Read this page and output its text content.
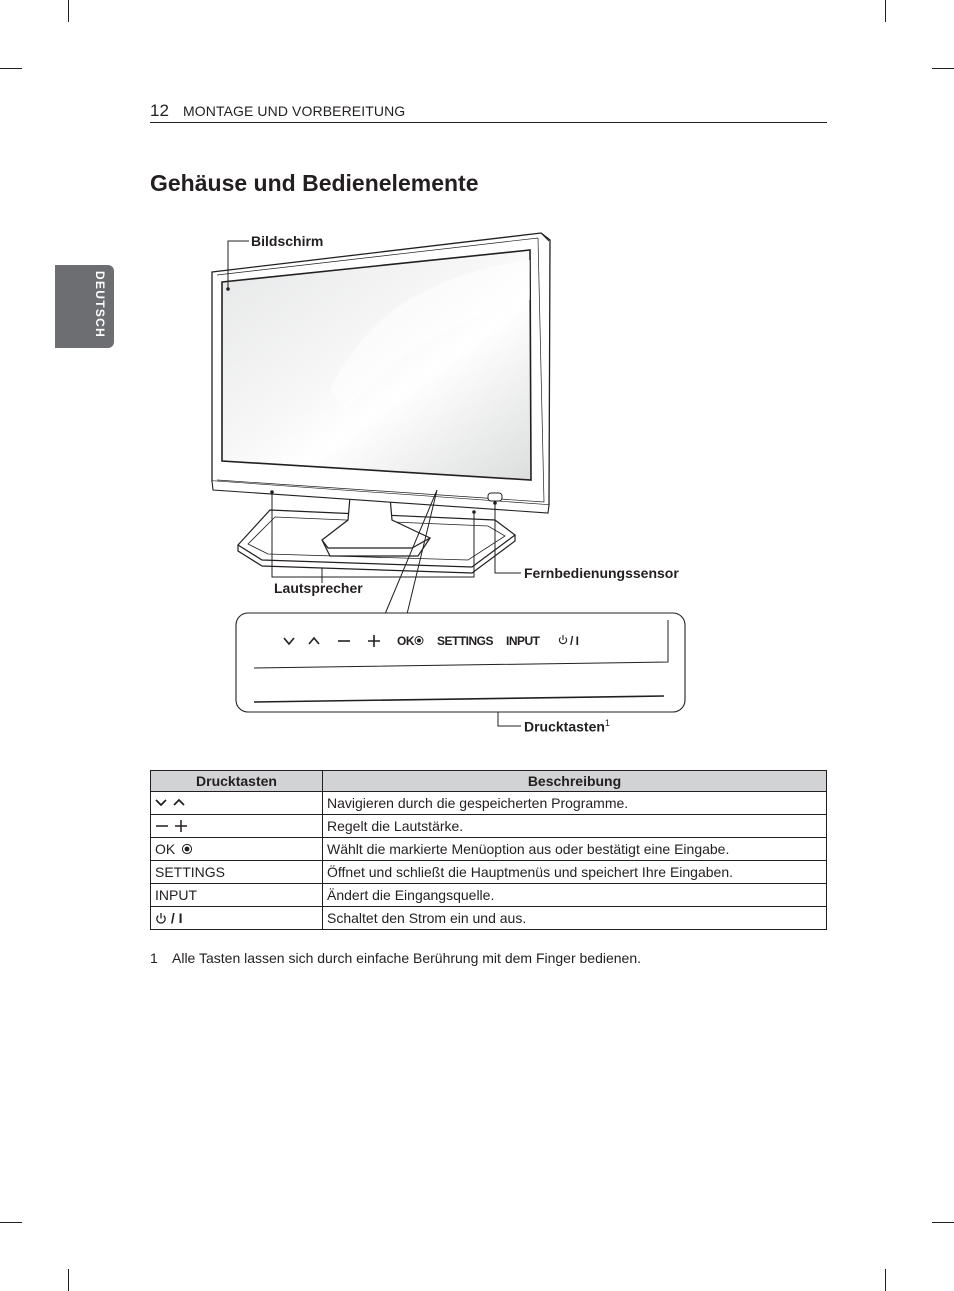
12 MONTAGE UND VORBEREITUNG
DEUTSCH
Gehäuse und Bedienelemente
Bildschirm
Fernbedienungssensor
Lautsprecher
Drucktasten$^1$
OK SETTINGS INPUT	/ I
Drucktasten	Beschreibung
	Navigieren durch die gespeicherten Programme.
	Regelt die Lautstärke.
OK	Wählt die markierte Menüoption aus oder bestätigt eine Eingabe.
SETTINGS	Öffnet und schließt die Hauptmenüs und speichert Ihre Eingaben.
INPUT	Ändert die Eingangsquelle.
/ I	Schaltet den Strom ein und aus.
1 Alle Tasten lassen sich durch einfache Berührung mit dem Finger bedienen.
